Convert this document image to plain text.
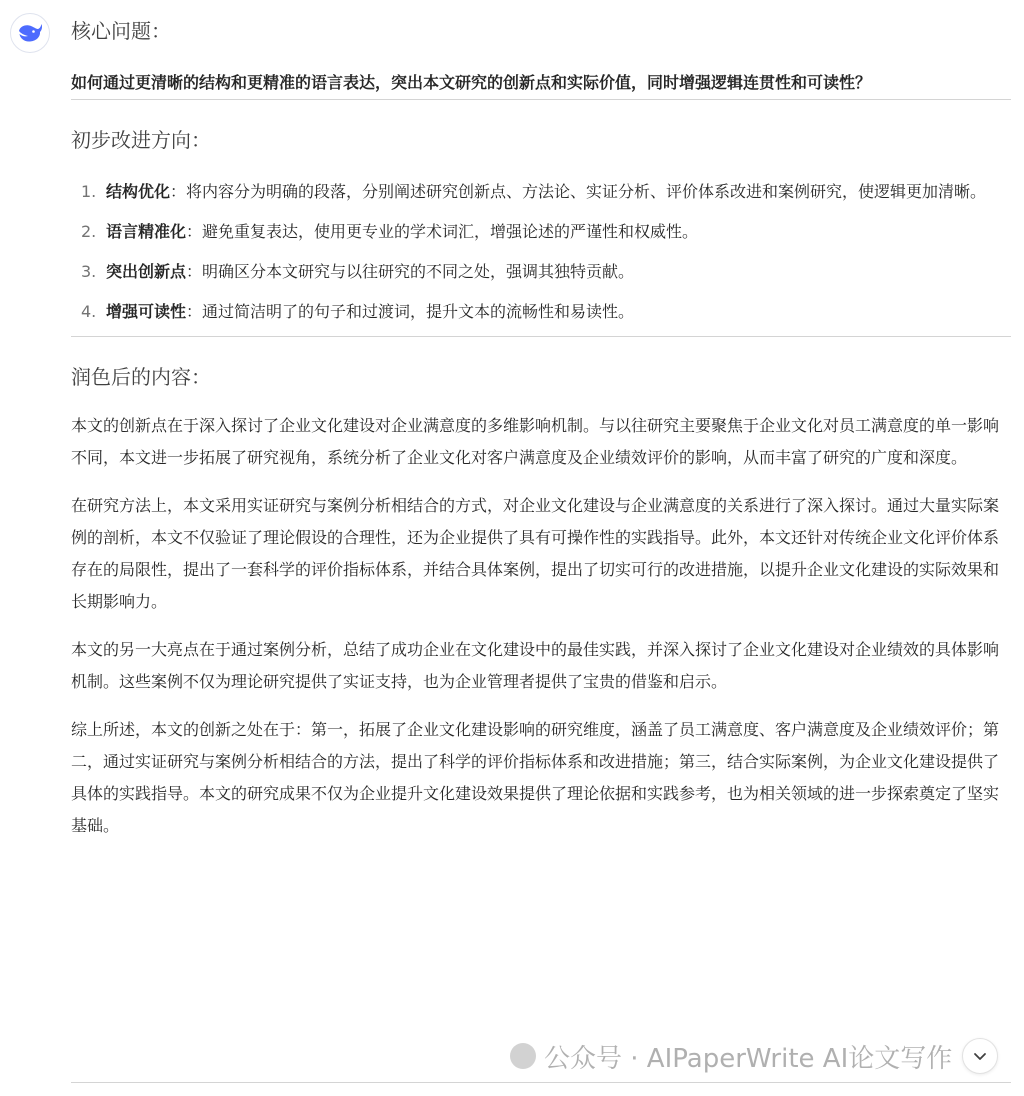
核心问题：
如何通过更清晰的结构和更精准的语言表达，突出本文研究的创新点和实际价值，同时增强逻辑连贯性和可读性？
初步改进方向：
1. 结构优化：将内容分为明确的段落，分别阐述研究创新点、方法论、实证分析、评价体系改进和案例研究，使逻辑更加清晰。
2. 语言精准化：避免重复表达，使用更专业的学术词汇，增强论述的严谨性和权威性。
3. 突出创新点：明确区分本文研究与以往研究的不同之处，强调其独特贡献。
4. 增强可读性：通过简洁明了的句子和过渡词，提升文本的流畅性和易读性。
润色后的内容：

本文的创新点在于深入探讨了企业文化建设对企业满意度的多维影响机制。与以往研究主要聚焦于企业文化对员工满意度的单一影响不同，本文进一步拓展了研究视角，系统分析了企业文化对客户满意度及企业绩效评价的影响，从而丰富了研究的广度和深度。

在研究方法上，本文采用实证研究与案例分析相结合的方式，对企业文化建设与企业满意度的关系进行了深入探讨。通过大量实际案例的剖析，本文不仅验证了理论假设的合理性，还为企业提供了具有可操作性的实践指导。此外，本文还针对传统企业文化评价体系存在的局限性，提出了一套科学的评价指标体系，并结合具体案例，提出了切实可行的改进措施，以提升企业文化建设的实际效果和长期影响力。

本文的另一大亮点在于通过案例分析，总结了成功企业在文化建设中的最佳实践，并深入探讨了企业文化建设对企业绩效的具体影响机制。这些案例不仅为理论研究提供了实证支持，也为企业管理者提供了宝贵的借鉴和启示。

综上所述，本文的创新之处在于：第一，拓展了企业文化建设影响的研究维度，涵盖了员工满意度、客户满意度及企业绩效评价；第二，通过实证研究与案例分析相结合的方法，提出了科学的评价指标体系和改进措施；第三，结合实际案例，为企业文化建设提供了具体的实践指导。本文的研究成果不仅为企业提升文化建设效果提供了理论依据和实践参考，也为相关领域的进一步探索奠定了坚实基础。

公众号 · AIPaperWrite AI论文写作
